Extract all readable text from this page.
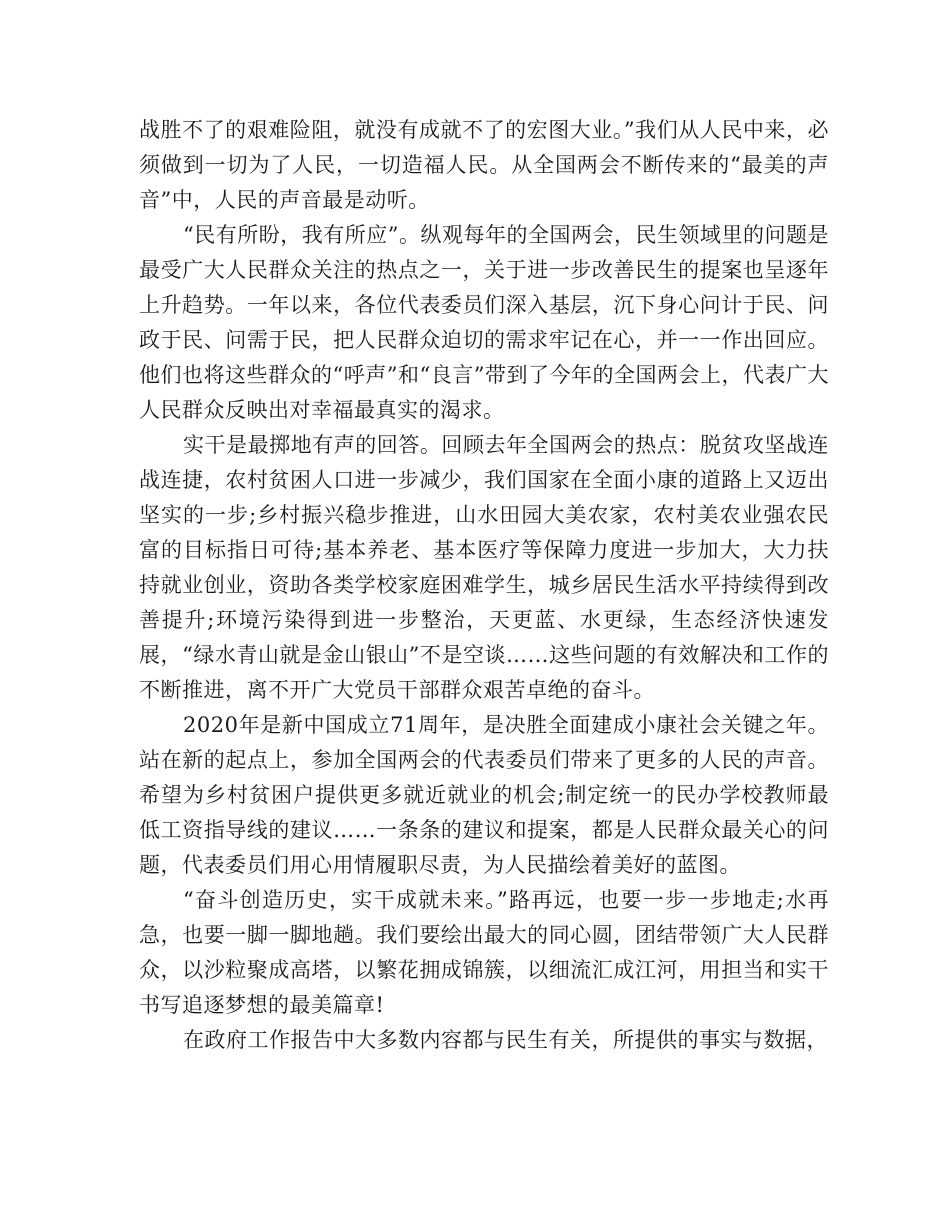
战胜不了的艰难险阻，就没有成就不了的宏图大业。”我们从人民中来，必须做到一切为了人民，一切造福人民。从全国两会不断传来的“最美的声音”中，人民的声音最是动听。

“民有所盼，我有所应”。纵观每年的全国两会，民生领域里的问题是最受广大人民群众关注的热点之一，关于进一步改善民生的提案也呈逐年上升趋势。一年以来，各位代表委员们深入基层，沉下身心问计于民、问政于民、问需于民，把人民群众迫切的需求牢记在心，并一一作出回应。他们也将这些群众的“呼声”和“良言”带到了今年的全国两会上，代表广大人民群众反映出对幸福最真实的渴求。

实干是最掷地有声的回答。回顾去年全国两会的热点：脱贫攻坚战连战连捷，农村贫困人口进一步减少，我们国家在全面小康的道路上又迈出坚实的一步;乡村振兴稳步推进，山水田园大美农家，农村美农业强农民富的目标指日可待;基本养老、基本医疗等保障力度进一步加大，大力扶持就业创业，资助各类学校家庭困难学生，城乡居民生活水平持续得到改善提升;环境污染得到进一步整治，天更蓝、水更绿，生态经济快速发展，“绿水青山就是金山银山”不是空谈……这些问题的有效解决和工作的不断推进，离不开广大党员干部群众艰苦卓绝的奋斗。

2020年是新中国成立71周年，是决胜全面建成小康社会关键之年。站在新的起点上，参加全国两会的代表委员们带来了更多的人民的声音。希望为乡村贫困户提供更多就近就业的机会;制定统一的民办学校教师最低工资指导线的建议……一条条的建议和提案，都是人民群众最关心的问题，代表委员们用心用情履职尽责，为人民描绘着美好的蓝图。

“奋斗创造历史，实干成就未来。”路再远，也要一步一步地走;水再急，也要一脚一脚地趟。我们要绘出最大的同心圆，团结带领广大人民群众，以沙粒聚成高塔，以繁花拥成锦簇，以细流汇成江河，用担当和实干书写追逐梦想的最美篇章!

在政府工作报告中大多数内容都与民生有关，所提供的事实与数据，
